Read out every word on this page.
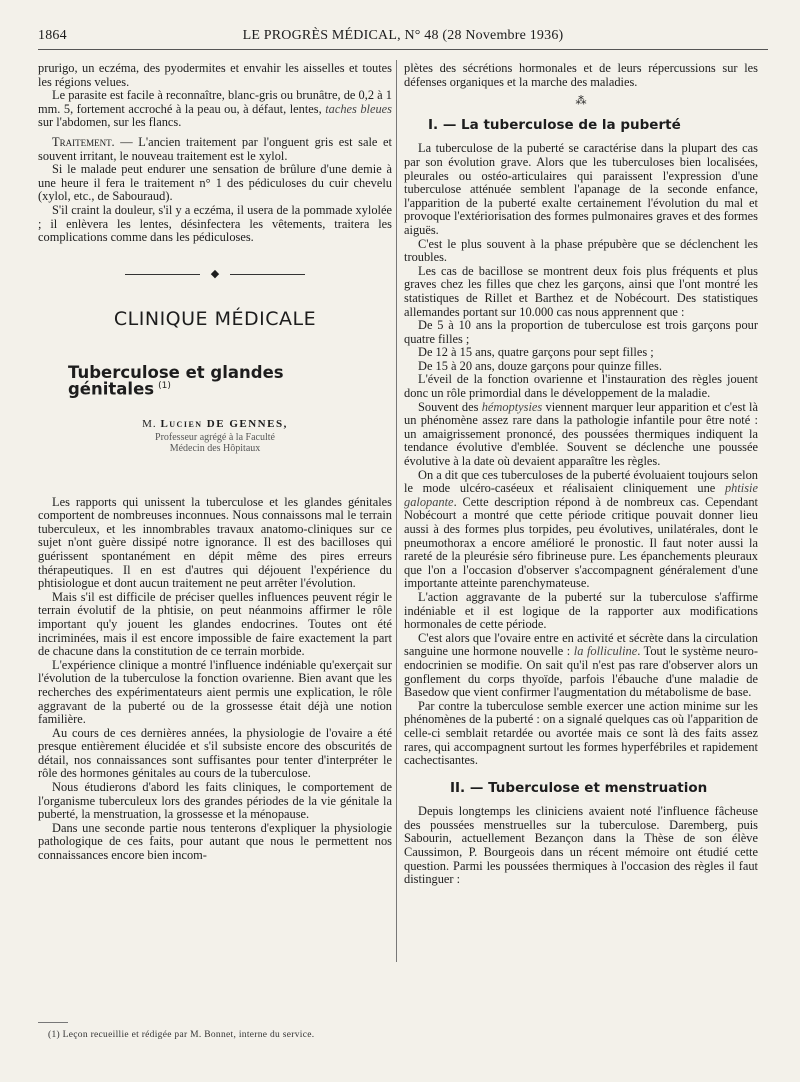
1864	LE PROGRÈS MÉDICAL, N° 48 (28 Novembre 1936)

prurigo, un eczéma, des pyodermites et envahir les aisselles et toutes les régions velues.

Le parasite est facile à reconnaître, blanc-gris ou brunâtre, de 0,2 à 1 mm. 5, fortement accroché à la peau ou, à défaut, lentes, taches bleues sur l'abdomen, sur les flancs.

Traitement. — L'ancien traitement par l'onguent gris est sale et souvent irritant, le nouveau traitement est le xylol.

Si le malade peut endurer une sensation de brûlure d'une demie à une heure il fera le traitement n° 1 des pédiculoses du cuir chevelu (xylol, etc., de Sabouraud).

S'il craint la douleur, s'il y a eczéma, il usera de la pommade xylolée ; il enlèvera les lentes, désinfectera les vêtements, traitera les complications comme dans les pédiculoses.

◆
CLINIQUE MÉDICALE
Tuberculose et glandes génitales $^{(1)}$
M. Lucien DE GENNES,
Professeur agrégé à la Faculté
Médecin des Hôpitaux

Les rapports qui unissent la tuberculose et les glandes génitales comportent de nombreuses inconnues. Nous connaissons mal le terrain tuberculeux, et les innombrables travaux anatomo-cliniques sur ce sujet n'ont guère dissipé notre ignorance. Il est des bacilloses qui guérissent spontanément en dépit même des pires erreurs thérapeutiques. Il en est d'autres qui déjouent l'expérience du phtisiologue et dont aucun traitement ne peut arrêter l'évolution.

Mais s'il est difficile de préciser quelles influences peuvent régir le terrain évolutif de la phtisie, on peut néanmoins affirmer le rôle important qu'y jouent les glandes endocrines. Toutes ont été incriminées, mais il est encore impossible de faire exactement la part de chacune dans la constitution de ce terrain morbide.

L'expérience clinique a montré l'influence indéniable qu'exerçait sur l'évolution de la tuberculose la fonction ovarienne. Bien avant que les recherches des expérimentateurs aient permis une explication, le rôle aggravant de la puberté ou de la grossesse était déjà une notion familière.

Au cours de ces dernières années, la physiologie de l'ovaire a été presque entièrement élucidée et s'il subsiste encore des obscurités de détail, nos connaissances sont suffisantes pour tenter d'interpréter le rôle des hormones génitales au cours de la tuberculose.

Nous étudierons d'abord les faits cliniques, le comportement de l'organisme tuberculeux lors des grandes périodes de la vie génitale la puberté, la menstruation, la grossesse et la ménopause.

Dans une seconde partie nous tenterons d'expliquer la physiologie pathologique de ces faits, pour autant que nous le permettent nos connaissances encore bien incom-

(1) Leçon recueillie et rédigée par M. Bonnet, interne du service.

plètes des sécrétions hormonales et de leurs répercussions sur les défenses organiques et la marche des maladies.

⁂
I. — La tuberculose de la puberté

La tuberculose de la puberté se caractérise dans la plupart des cas par son évolution grave. Alors que les tuberculoses bien localisées, pleurales ou ostéo-articulaires qui paraissent l'expression d'une tuberculose atténuée semblent l'apanage de la seconde enfance, l'apparition de la puberté exalte certainement l'évolution du mal et provoque l'extériorisation des formes pulmonaires graves et des formes aiguës.

C'est le plus souvent à la phase prépubère que se déclenchent les troubles.

Les cas de bacillose se montrent deux fois plus fréquents et plus graves chez les filles que chez les garçons, ainsi que l'ont montré les statistiques de Rillet et Barthez et de Nobécourt. Des statistiques allemandes portant sur 10.000 cas nous apprennent que :

De 5 à 10 ans la proportion de tuberculose est trois garçons pour quatre filles ;

De 12 à 15 ans, quatre garçons pour sept filles ;

De 15 à 20 ans, douze garçons pour quinze filles.

L'éveil de la fonction ovarienne et l'instauration des règles jouent donc un rôle primordial dans le développement de la maladie.

Souvent des hémoptysies viennent marquer leur apparition et c'est là un phénomène assez rare dans la pathologie infantile pour être noté : un amaigrissement prononcé, des poussées thermiques indiquent la tendance évolutive d'emblée. Souvent se déclenche une poussée évolutive à la date où devaient apparaître les règles.

On a dit que ces tuberculoses de la puberté évoluaient toujours selon le mode ulcéro-caséeux et réalisaient cliniquement une phtisie galopante. Cette description répond à de nombreux cas. Cependant Nobécourt a montré que cette période critique pouvait donner lieu aussi à des formes plus torpides, peu évolutives, unilatérales, dont le pneumothorax a encore amélioré le pronostic. Il faut noter aussi la rareté de la pleurésie séro fibrineuse pure. Les épanchements pleuraux que l'on a l'occasion d'observer s'accompagnent généralement d'une importante atteinte parenchymateuse.

L'action aggravante de la puberté sur la tuberculose s'affirme indéniable et il est logique de la rapporter aux modifications hormonales de cette période.

C'est alors que l'ovaire entre en activité et sécrète dans la circulation sanguine une hormone nouvelle : la folliculine. Tout le système neuro-endocrinien se modifie. On sait qu'il n'est pas rare d'observer alors un gonflement du corps thyoïde, parfois l'ébauche d'une maladie de Basedow que vient confirmer l'augmentation du métabolisme de base.

Par contre la tuberculose semble exercer une action minime sur les phénomènes de la puberté : on a signalé quelques cas où l'apparition de celle-ci semblait retardée ou avortée mais ce sont là des faits assez rares, qui accompagnent surtout les formes hyperfébriles et rapidement cachectisantes.

II. — Tuberculose et menstruation

Depuis longtemps les cliniciens avaient noté l'influence fâcheuse des poussées menstruelles sur la tuberculose. Daremberg, puis Sabourin, actuellement Bezançon dans la Thèse de son élève Caussimon, P. Bourgeois dans un récent mémoire ont étudié cette question. Parmi les poussées thermiques à l'occasion des règles il faut distinguer :
